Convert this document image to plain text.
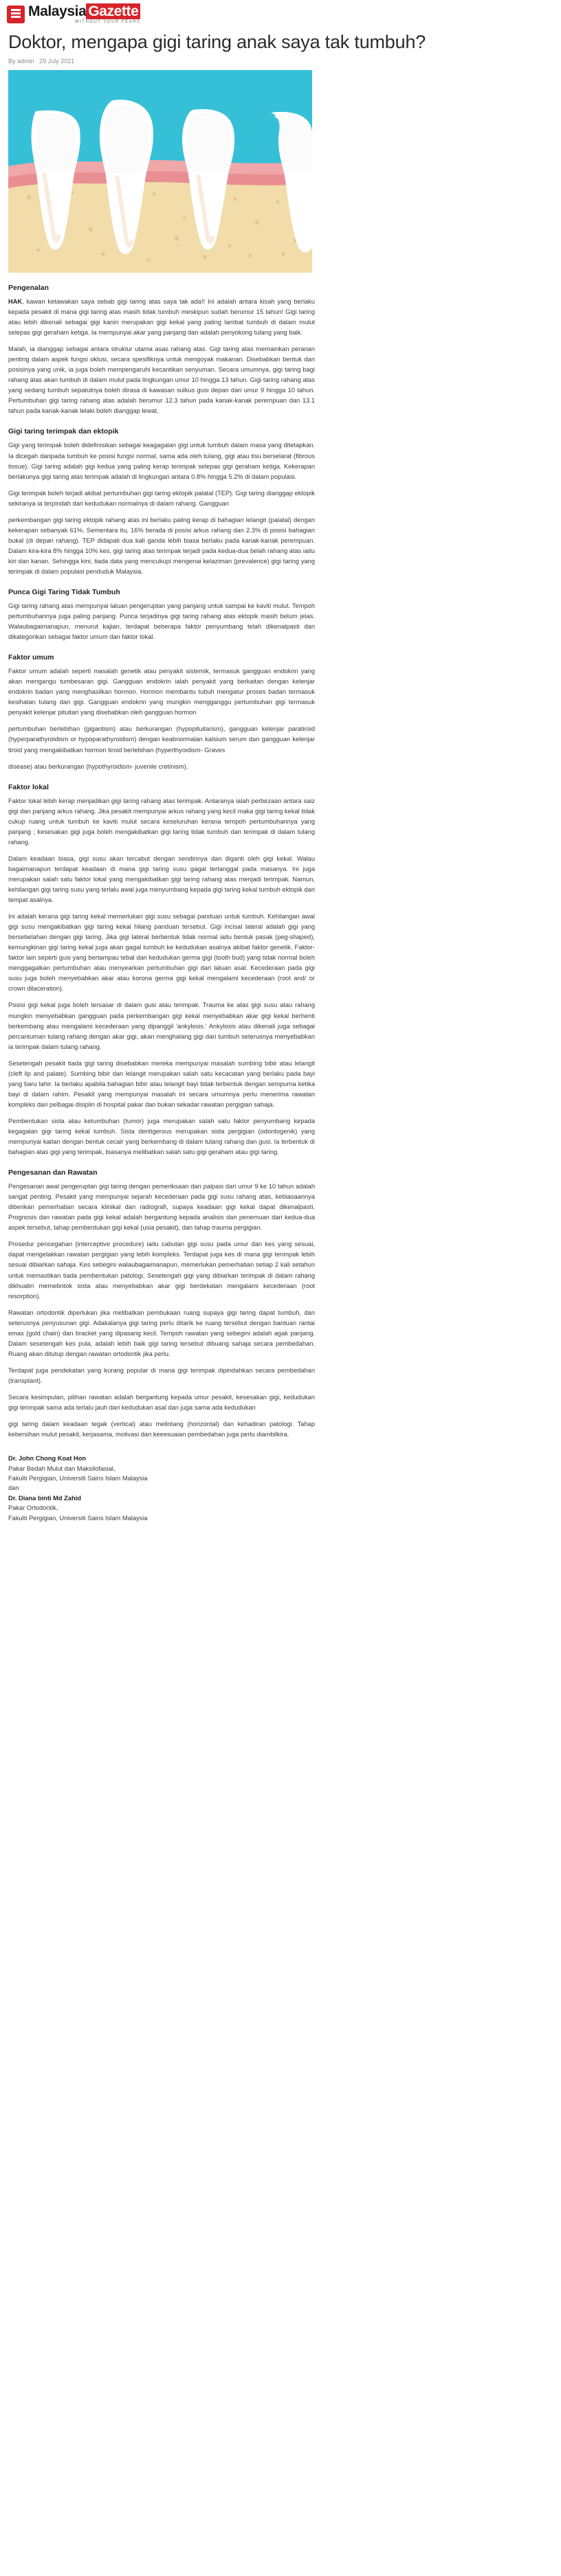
Malaysia Gazette
WITHOUT YOUR FEARS
Doktor, mengapa gigi taring anak saya tak tumbuh?
By admin 29 July 2021
Pengenalan

HAK, kawan ketawakan saya sebab gigi taring atas saya tak ada!! Ini adalah antara kisah yang berlaku kepada pesakit di mana gigi taring atas masih tidak tumbuh meskipun sudah berumur 15 tahun! Gigi taring atau lebih dikenali sebagai gigi kanin merupakan gigi kekal yang paling lambat tumbuh di dalam mulut selepas gigi geraham ketiga. Ia mempunyai akar yang panjang dan adalah penyokong tulang yang baik.

Malah, ia dianggap sebagai antara struktur utama asas rahang atas. Gigi taring atas memainkan peranan penting dalam aspek fungsi oklusi, secara spesifiknya untuk mengoyak makanan. Disebabkan bentuk dan posisinya yang unik, ia juga boleh mempengaruhi kecantikan senyuman. Secara umumnya, gigi taring bagi rahang atas akan tumbuh di dalam mulut pada lingkungan umur 10 hingga 13 tahun. Gigi taring rahang atas yang sedang tumbuh sepatutnya boleh dirasa di kawasan sulkus gusi depan dari umur 9 hingga 10 tahun. Pertumbuhan gigi taring rahang atas adalah berumur 12.3 tahun pada kanak-kanak perempuan dan 13.1 tahun pada kanak-kanak lelaki boleh dianggap lewat.

Gigi taring terimpak dan ektopik

Gigi yang terimpak boleh didefinisikan sebagai keagagalan gigi untuk tumbuh dalam masa yang ditetapkan. Ia dicegah daripada tumbuh ke posisi fungsi normal, sama ada oleh tulang, gigi atau tisu berselarat (fibrous tissue). Gigi taring adalah gigi kedua yang paling kerap terimpak selepas gigi geraham ketiga. Kekerapan berlakunya gigi taring atas terimpak adalah di lingkungan antara 0.8% hingga 5.2% di dalam populasi.

Gigi terimpak boleh terjadi akibat pertumbuhan gigi taring ektopik palatal (TEP). Gigi taring dianggap ektopik sekiranya ia terpindah dari kedudukan normalnya di dalam rahang. Gangguan

perkembangan gigi taring ektopik rahang atas ini berlaku paling kerap di bahagian lelangit (palatal) dengan kekerapan sebanyak 61%. Sementara itu, 16% berada di posisi arkus rahang dan 2.3% di posisi bahagian bukal (di depan rahang). TEP didapati dua kali ganda lebih biasa berlaku pada kanak-kanak perempuan. Dalam kira-kira 8% hingga 10% kes, gigi taring atas terimpak terjadi pada kedua-dua belah rahang atas iaitu kiri dan kanan. Sehingga kini, tiada data yang mencukupi mengenai kelaziman (prevalence) gigi taring yang terimpak di dalam populasi penduduk Malaysia.

Punca Gigi Taring Tidak Tumbuh

Gigi taring rahang atas mempunyai laluan pengeruptan yang panjang untuk sampai ke kaviti mulut. Tempoh pertumbuhannya juga paling panjang. Punca terjadinya gigi taring rahang atas ektopik masih belum jelas. Walaubagaimanapun, menurut kajian, terdapat beberapa faktor penyumbang telah dikenalpasti dan dikategorikan sebagai faktor umum dan faktor lokal.

Faktor umum

Faktor umum adalah seperti masalah genetik atau penyakit sistemik, termasuk gangguan endokrin yang akan mengangu tumbesaran gigi. Gangguan endokrin ialah penyakit yang berkaitan dengan kelenjar endokrin badan yang menghasilkan hormon. Hormon membantu tubuh mengatur proses badan termasuk kesihatan tulang dan gigi. Gangguan endokrin yang mungkin mengganggu pertumbuhan gigi termasuk penyakit kelenjar pituitari yang disebabkan oleh gangguan hormon

pertumbuhan berlebihan (gigantism) atau berkurangan (hypopituitarism), gangguan kelenjar paratiroid (hyperparathyroidism or hypoparathyroidism) dengan keabnormalan kalsium serum dan gangguan kelenjar tiroid yang mengakibatkan hormon tiroid berlebihan (hyperthyoidism- Graves

disease) atau berkurangan (hypothyroidism- juvenile cretinism).

Faktor lokal

Faktor lokal lebih kerap menjadikan gigi taring rahang atas terimpak. Antaranya ialah perbezaan antara saiz gigi dan panjang arkus rahang. Jika pesakit mempunyai arkus rahang yang kecil maka gigi taring kekal tidak cukup ruang untuk tumbuh ke kaviti mulut secara keseluruhan kerana tempoh pertumbuhannya yang panjang ; kesesakan gigi juga boleh mengakibatkan gigi taring tidak tumbuh dan terimpak di dalam tulang rahang.

Dalam keadaan biasa, gigi susu akan tercabut dengan sendirinya dan diganti oleh gigi kekal. Walau bagaimanapun terdapat keadaan di mana gigi taring susu gagal tertanggal pada masanya. Ini juga merupakan salah satu faktor lokal yang mengakibatkan gigi taring rahang atas menjadi terimpak. Namun, kehilangan gigi taring susu yang terlalu awal juga menyumbang kepada gigi taring kekal tumbuh ektopik dari tempat asalnya.

Ini adalah kerana gigi taring kekal memerlukan gigi susu sebagai panduan untuk tumbuh. Kehilangan awal gigi susu mengakibatkan gigi taring kekal hilang panduan tersebut. Gigi incisal lateral adalah gigi yang bersebelahan dengan gigi taring. Jika gigi lateral berbentuk tidak normal iaitu bentuk pasak (peg-shaped), kemungkinan gigi taring kekal juga akan gagal tumbuh ke kedudukan asalnya akibat faktor genetik. Faktor-faktor lain seperti gusi yang bertampau tebal dan kedudukan germa gigi (tooth bud) yang tidak normal boleh menggagalkan pertumbuhan atau menyearkan pertumbuhan gigi dari laluan asal. Kecederaan pada gigi susu juga boleh menyebabkan akar atau korona germa gigi kekal mengalami kecederaan (root and/ or crown dilaceration).

Posisi gigi kekal juga boleh tersasar di dalam gusi atau terimpak. Trauma ke atas gigi susu atau rahang mungkin menyebabkan gangguan pada perkembangan gigi kekal menyebabkan akar gigi kekal berhenti berkembang atau mengalami kecederaan yang dipanggil 'ankylosis.' Ankylosis atau dikenali juga sebagai percantuman tulang rahang dengan akar gigi, akan menghalang gigi dari tumbuh seterusnya menyebabkan ia terimpak dalam tulang rahang.

Sesetengah pesakit tiada gigi taring disebabkan mereka mempunyai masalah sumbing bibir atau lelangit (cleft lip and palate). Sumbing bibir dan lelangit merupakan salah satu kecacatan yang berlaku pada bayi yang baru lahir. Ia berlaku apabila bahagian bibir atau lelangit bayi tidak terbentuk dengan sempurna ketika bayi di dalam rahim. Pesakit yang mempunyai masalah ini secara umumnya perlu menerima rawatan kompleks dari pelbagai disiplin di hospital pakar dan bukan sekadar rawatan pergigian sahaja.

Pembentukan sista atau ketumbuhan (tumor) juga merupakan salah satu faktor penyumbang kepada kegagalan gigi taring kekal tumbuh. Sista dentigerous merupakan sista pergigian (odontogenik) yang mempunyai kaitan dengan bentuk cecair yang berkembang di dalam tulang rahang dan gusi. Ia terbentuk di bahagian atas gigi yang terimpak, biasanya melibatkan salah satu gigi geraham atau gigi taring.

Pengesanan dan Rawatan

Pengesanan awal pengeruptan gigi taring dengan pemeriksaan dan palpasi dari umur 9 ke 10 tahun adalah sangat penting. Pesakit yang mempunyai sejarah kecederaan pada gigi susu rahang atas, kebiasaannya diberikan pemerhatian secara klinikal dan radiografi, supaya keadaan gigi kekal dapat dikenalpasti. Prognosis dan rawatan pada gigi kekal adalah bergantung kepada analisis dan penemuan dari kedua-dua aspek tersebut, tahap pembentukan gigi kekal (usia pesakit), dan tahap trauma pergigian.

Prosedur pencegahan (interceptive procedure) iaitu cabutan gigi susu pada umur dan kes yang sesuai, dapat mengelakkan rawatan pergigian yang lebih kompleks. Terdapat juga kes di mana gigi terimpak lebih sesuai dibiarkan sahaja. Kes sebegini walaubagaimanapun, memerlukan pemerhatian setiap 2 kali setahun untuk memastikan tiada pembentukan patologi. Sesetengah gigi yang dibiarkan terimpak di dalam rahang dikhuatiri memebntok sista atau menyebabkan akar gigi berdekatan mengalami kecederaan (root resorption).

Rawatan ortodontik diperlukan jika melibatkan pembukaan ruang supaya gigi taring dapat tumbuh, dan seterusnya penyusunan gigi. Adakalanya gigi taring perlu ditarik ke ruang tersebut dengan bantuan rantai emas (gold chain) dan bracket yang dipasang kecil. Tempoh rawatan yang sebegini adalah agak panjang. Dalam sesetengah kes pula, adalah lebih baik gigi taring tersebut dibuang sahaja secara pembedahan. Ruang akan ditutup dengan rawatan ortodontik jika perlu.

Terdapat juga pendekatan yang kurang popular di mana gigi terimpak dipindahkan secara pembedahan (transplant).

Secara kesimpulan, pilihan rawatan adalah bergantung kepada umur pesakit, kesesakan gigi, kedudukan gigi terimpak sama ada terlalu jauh dari kedudukan asal dan juga sama ada kedudukan

gigi taring dalam keadaan tegak (vertical) atau melintang (horizontal) dan kehadiran patologi. Tahap kebersihan mulut pesakit, kerjasama, motivasi dan keeesuaian pembedahan juga perlu diambilkira.

Dr. John Chong Koat Hon
Pakar Bedah Mulut dan Maksilofasial,
Fakulti Pergigian, Universiti Sains Islam Malaysia
dan
Dr. Diana binti Md Zahid
Pakar Ortodontik,
Fakulti Pergigian, Universiti Sains Islam Malaysia
